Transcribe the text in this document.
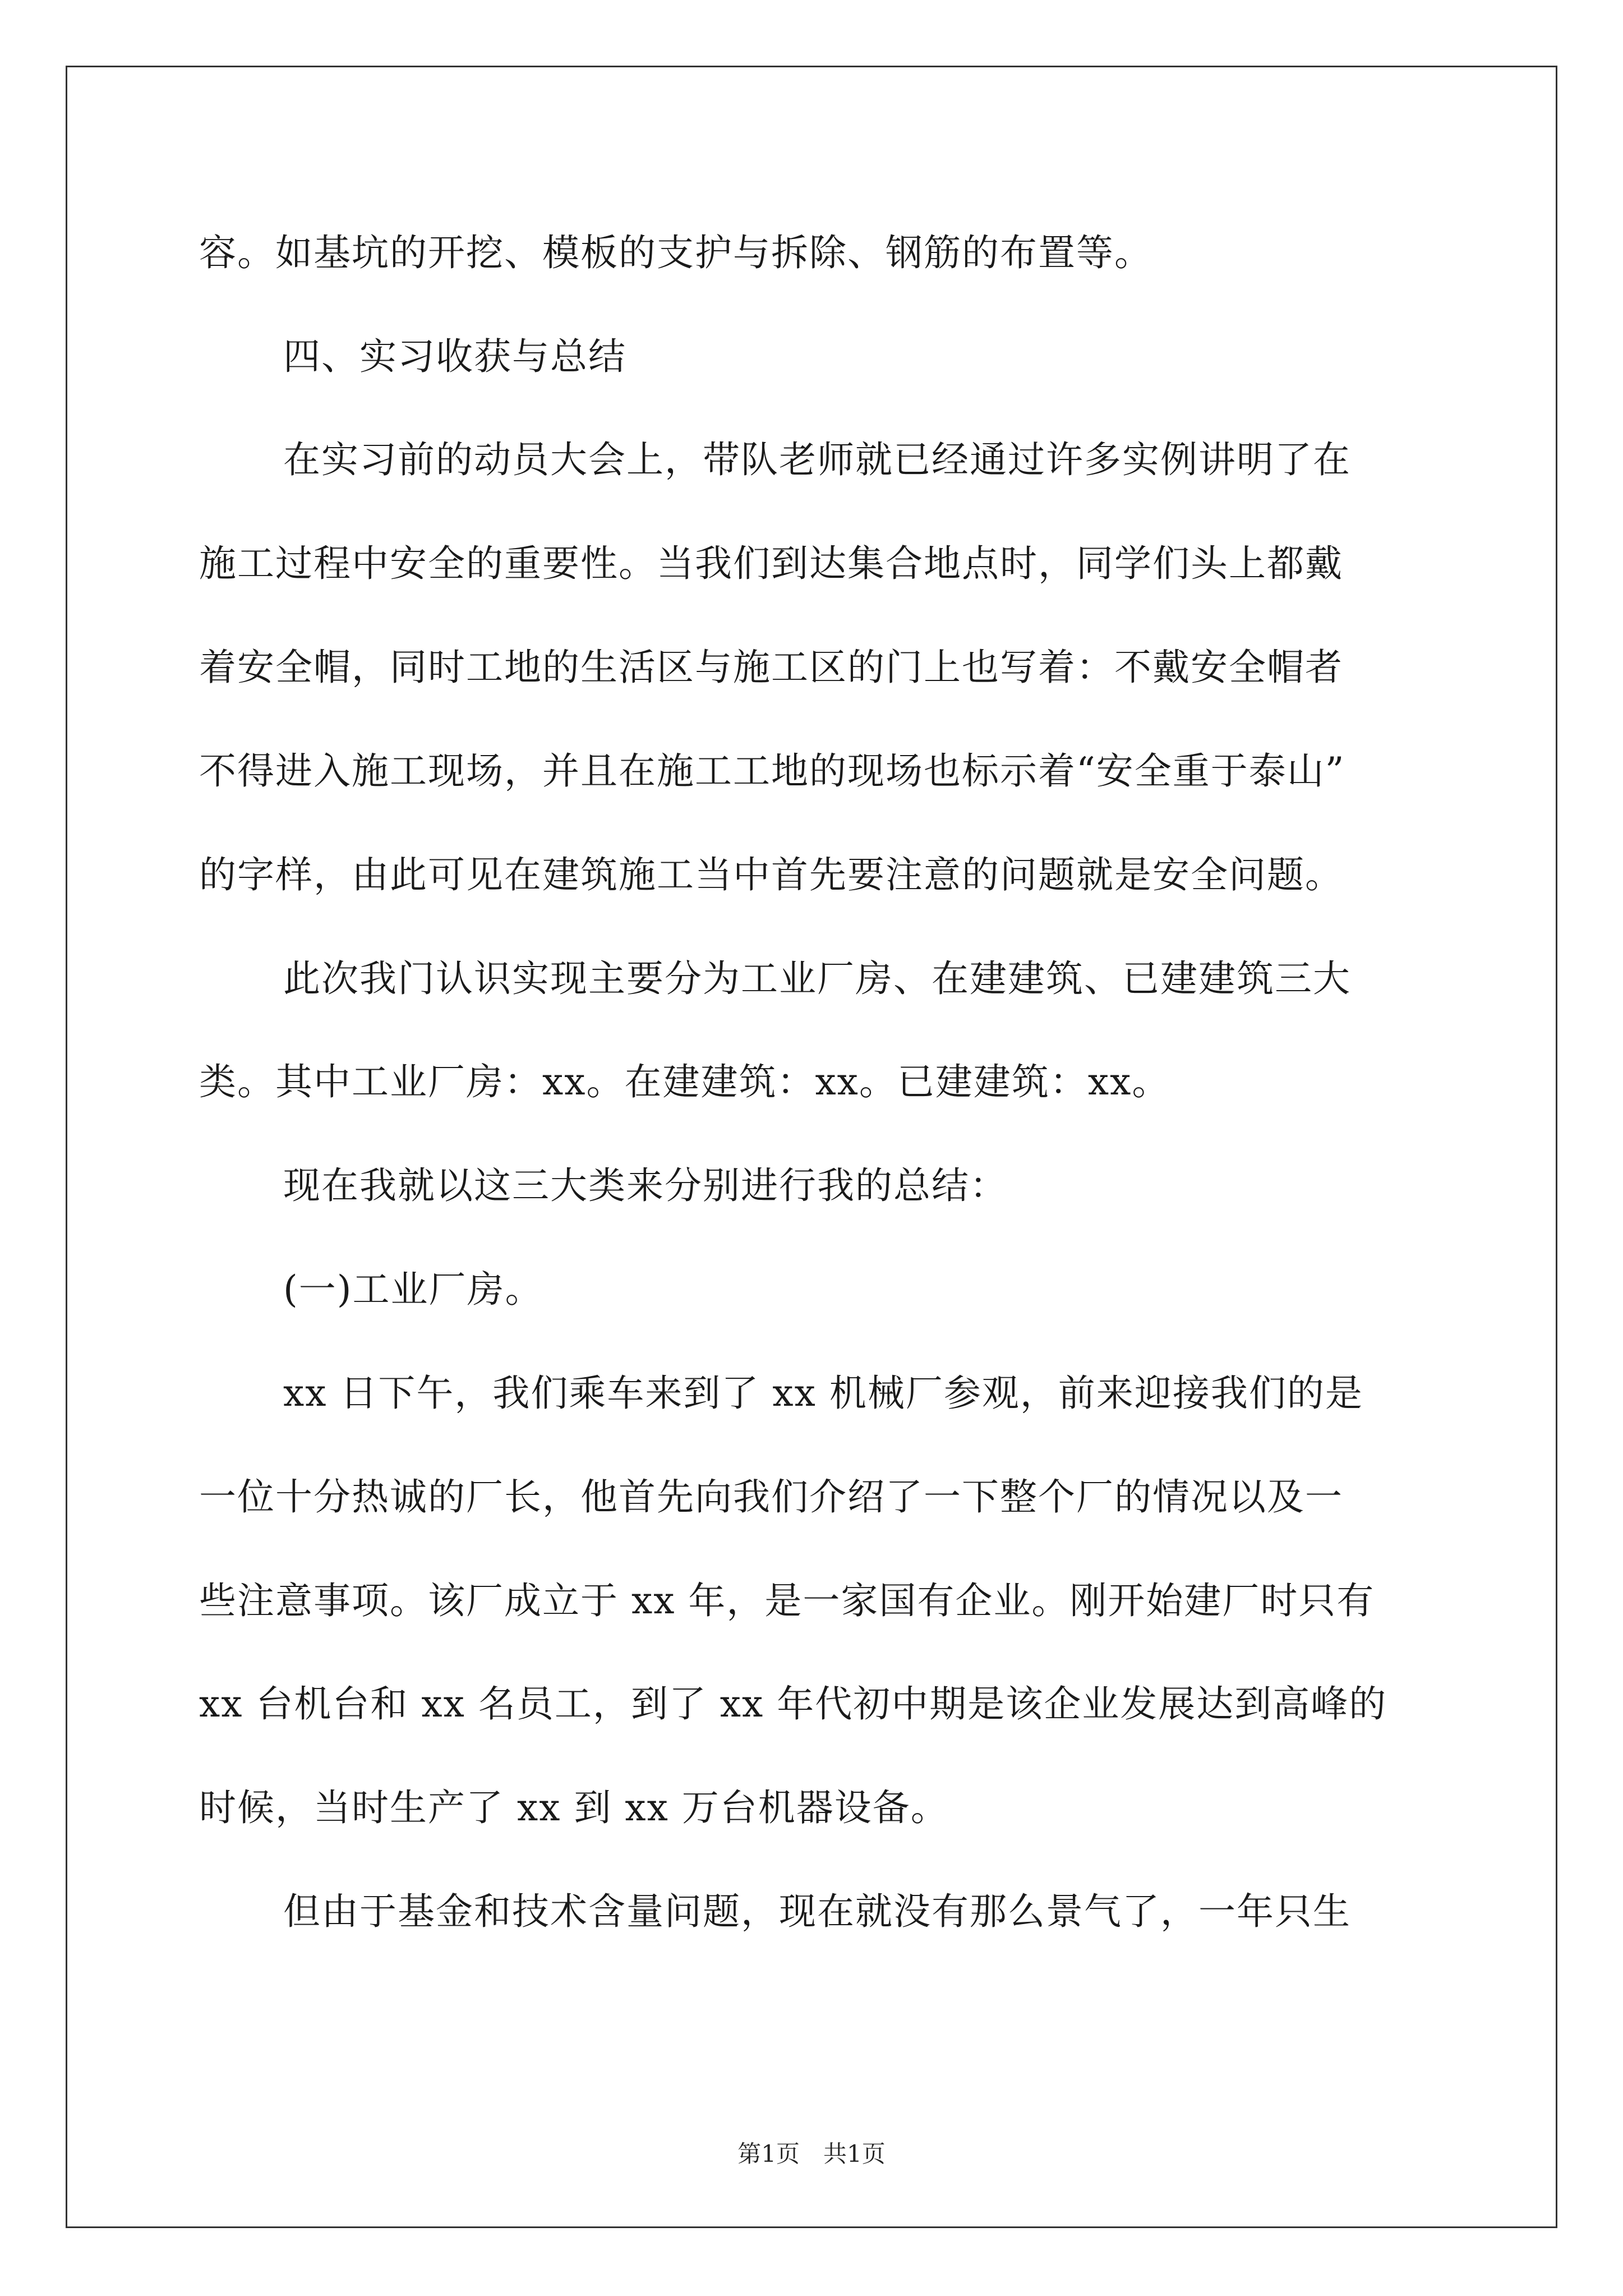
容。如基坑的开挖、模板的支护与拆除、钢筋的布置等。
四、实习收获与总结
在实习前的动员大会上，带队老师就已经通过许多实例讲明了在
施工过程中安全的重要性。当我们到达集合地点时，同学们头上都戴
着安全帽，同时工地的生活区与施工区的门上也写着：不戴安全帽者
不得进入施工现场，并且在施工工地的现场也标示着“安全重于泰山”
的字样，由此可见在建筑施工当中首先要注意的问题就是安全问题。
此次我门认识实现主要分为工业厂房、在建建筑、已建建筑三大
类。其中工业厂房：xx。在建建筑：xx。已建建筑：xx。
现在我就以这三大类来分别进行我的总结：
(一)工业厂房。
xx 日下午，我们乘车来到了 xx 机械厂参观，前来迎接我们的是
一位十分热诚的厂长，他首先向我们介绍了一下整个厂的情况以及一
些注意事项。该厂成立于 xx 年，是一家国有企业。刚开始建厂时只有
xx 台机台和 xx 名员工，到了 xx 年代初中期是该企业发展达到高峰的
时候，当时生产了 xx 到 xx 万台机器设备。
但由于基金和技术含量问题，现在就没有那么景气了，一年只生
第1页　共1页
